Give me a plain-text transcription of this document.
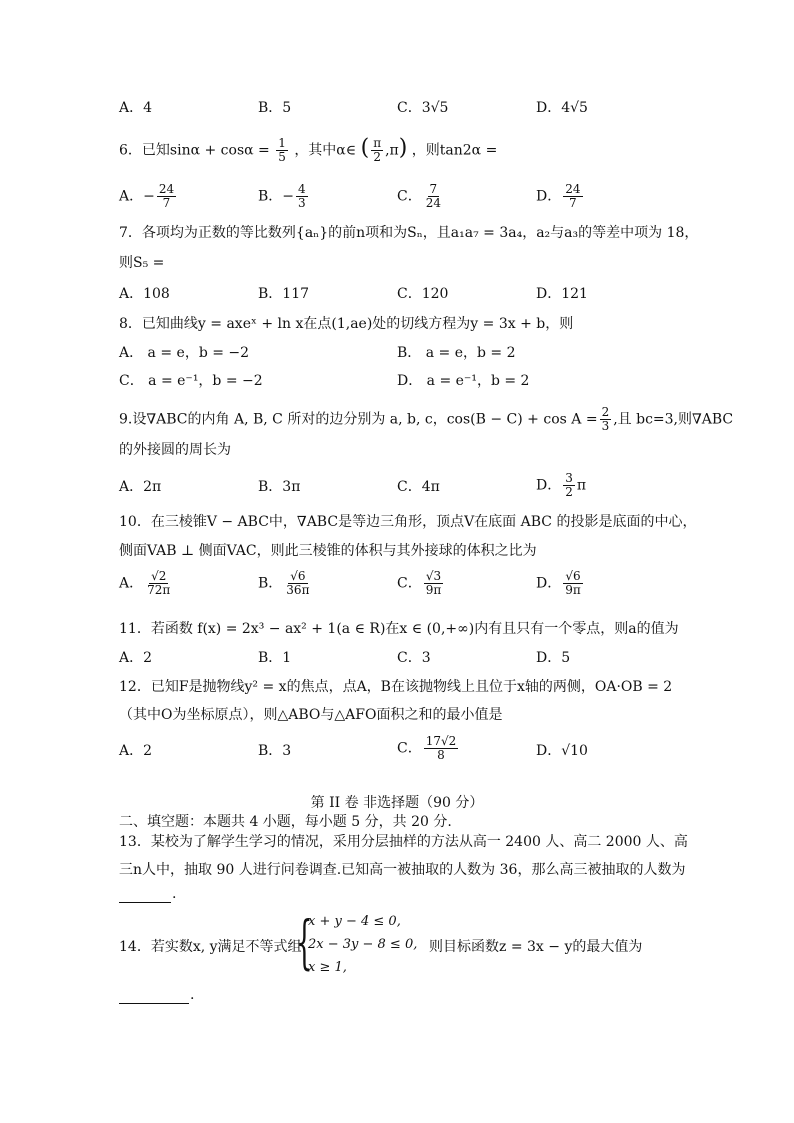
A．4	B．5	C．3√5	D．4√5
6．已知$\sin\alpha + \cos\alpha = \frac{1}{5}$ ，其中α∈ ( $\frac{\pi}{2} ,\pi$) ，则tan2α =
A．− $\frac{24}{7}$	B．− $\frac{4}{3}$	C． $\frac{7}{24}$	D． $\frac{24}{7}$
7．各项均为正数的等比数列{aₙ}的前n项和为Sₙ，且a₁a₇ = 3a₄，a₂与a₃的等差中项为 18，
则S₅ =
A．108	B．117	C．120	D．121
8．已知曲线y = axeˣ + ln x在点(1,ae)处的切线方程为y = 3x + b，则
A． a = e，b = −2	B． a = e，b = 2
C． a = e⁻¹，b = −2	D． a = e⁻¹，b = 2
9.设∇ABC的内角 A, B, C 所对的边分别为 a, b, c，$\cos(B - C) + \cos A = \frac{2}{3}$ ,且 bc=3,则∇ABC
的外接圆的周长为
A．2π	B．3π	C．4π	D． $\frac{3}{2}$ π
10．在三棱锥V − ABC中，∇ABC是等边三角形，顶点V在底面 ABC 的投影是底面的中心，
侧面VAB ⊥ 侧面VAC，则此三棱锥的体积与其外接球的体积之比为
A． $\frac{√2}{72\pi}$	B． $\frac{√6}{36\pi}$	C． $\frac{√3}{9\pi}$	D． $\frac{√6}{9\pi}$
11．若函数 f(x) = 2x³ − ax² + 1(a ∈ R)在x ∈ (0,+∞)内有且只有一个零点，则a的值为
A．2	B．1	C．3	D．5
12．已知F是抛物线y² = x的焦点，点A，B在该抛物线上且位于x轴的两侧，OA·OB = 2
（其中O为坐标原点），则△ABO与△AFO面积之和的最小值是
A．2	B．3	C． $\frac{17√2}{8}$	D．√10
第 II 卷 非选择题（90 分）
二、填空题：本题共 4 小题，每小题 5 分，共 20 分.
13．某校为了解学生学习的情况，采用分层抽样的方法从高一 2400 人、高二 2000 人、高
三n人中，抽取 90 人进行问卷调查.已知高一被抽取的人数为 36，那么高三被抽取的人数为
.
14．若实数x, y满足不等式组
{
x + y − 4 ≤ 0,
2x − 3y − 8 ≤ 0,
x ≥ 1,
则目标函数z = 3x − y的最大值为
.
